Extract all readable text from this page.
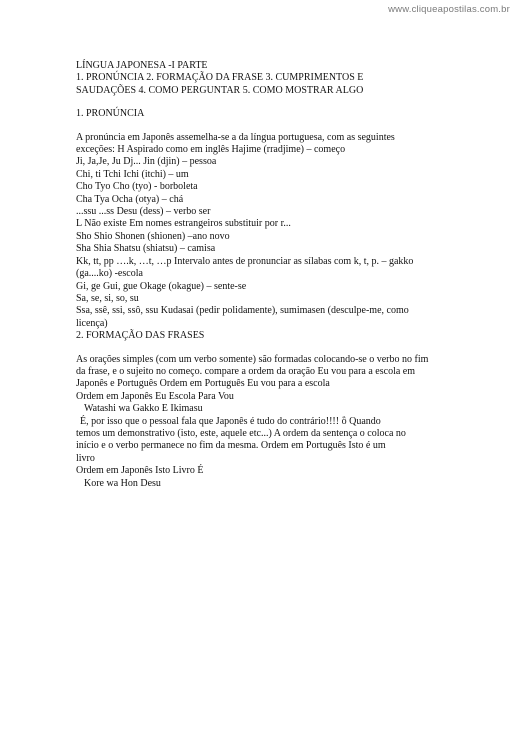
www.cliqueapostilas.com.br
LÍNGUA JAPONESA -I PARTE
1. PRONÚNCIA 2. FORMAÇÃO DA FRASE 3. CUMPRIMENTOS E
SAUDAÇÕES 4. COMO PERGUNTAR 5. COMO MOSTRAR ALGO
1. PRONÚNCIA
A pronúncia em Japonês assemelha-se a da língua portuguesa, com as seguintes
exceções: H Aspirado como em inglês Hajime (rradjime) – começo
Ji, Ja,Je, Ju Dj... Jin (djin) – pessoa
Chi, ti Tchi Ichi (itchi) – um
Cho Tyo Cho (tyo) - borboleta
Cha Tya Ocha (otya) – chá
...ssu ...ss Desu (dess) – verbo ser
L Não existe Em nomes estrangeiros substituir por r...
Sho Shio Shonen (shionen) –ano novo
Sha Shia Shatsu (shiatsu) – camisa
Kk, tt, pp ….k, …t, …p Intervalo antes de pronunciar as sílabas com k, t, p. – gakko
(ga....ko) -escola
Gi, ge Gui, gue Okage (okague) – sente-se
Sa, se, si, so, su
Ssa, ssê, ssi, ssô, ssu Kudasai (pedir polidamente), sumimasen (desculpe-me, como
licença)
2. FORMAÇÃO DAS FRASES
As orações simples (com um verbo somente) são formadas colocando-se o verbo no fim
da frase, e o sujeito no começo. compare a ordem da oração Eu vou para a escola em
Japonês e Português Ordem em Português Eu vou para a escola
Ordem em Japonês Eu Escola Para Vou
Watashi wa Gakko E Ikimasu
É, por isso que o pessoal fala que Japonês é tudo do contrário!!!! ὃ Quando
temos um demonstrativo (isto, este, aquele etc...) A ordem da sentença o coloca no
início e o verbo permanece no fim da mesma. Ordem em Português Isto é um
livro
Ordem em Japonês Isto Livro É
Kore wa Hon Desu
